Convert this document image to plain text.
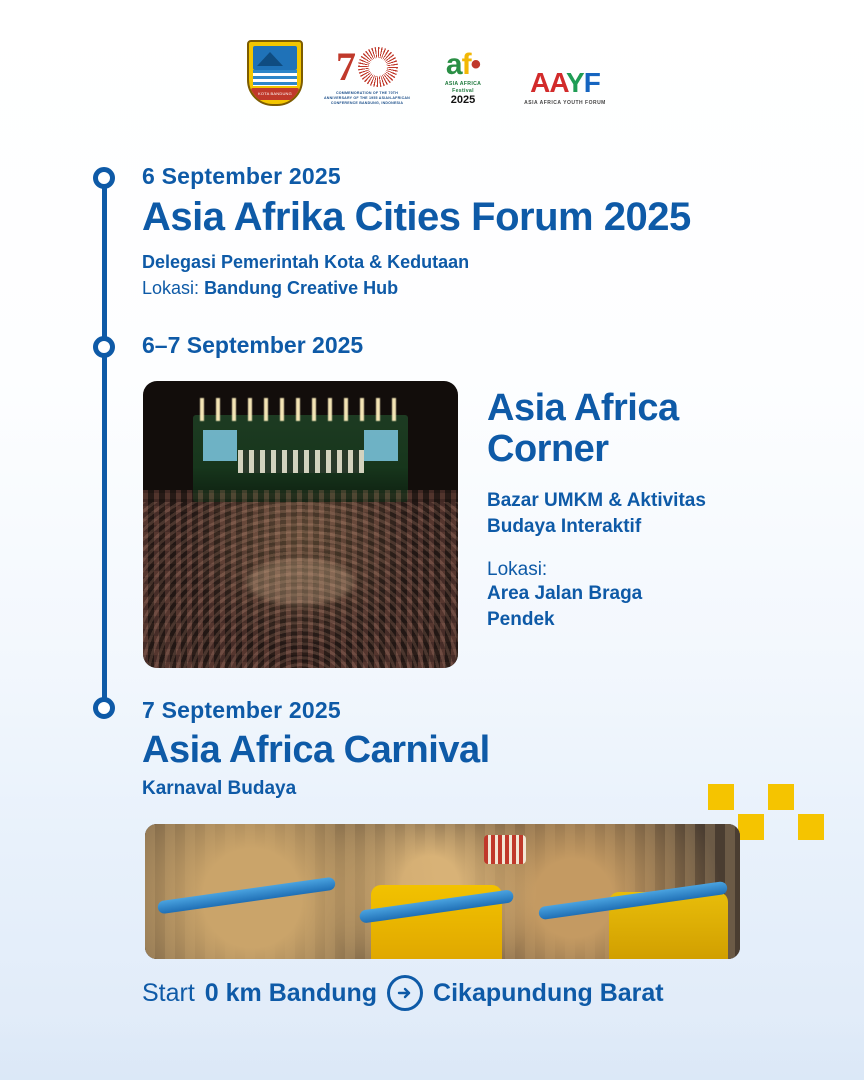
KOTA BANDUNG
7
COMMEMORATION OF THE 70TH ANNIVERSARY OF THE 1955 ASIAN-AFRICAN CONFERENCE BANDUNG, INDONESIA
af•
ASIA AFRICA
Festival
2025
AAYF
ASIA AFRICA YOUTH FORUM
6 September 2025
Asia Afrika Cities Forum 2025
Delegasi Pemerintah Kota & Kedutaan
Lokasi: Bandung Creative Hub
6–7 September 2025
Asia Africa
Corner
Bazar UMKM & Aktivitas
Budaya Interaktif
Lokasi:
Area Jalan Braga
Pendek
7 September 2025
Asia Africa Carnival
Karnaval Budaya
Start 0 km Bandung Cikapundung Barat
